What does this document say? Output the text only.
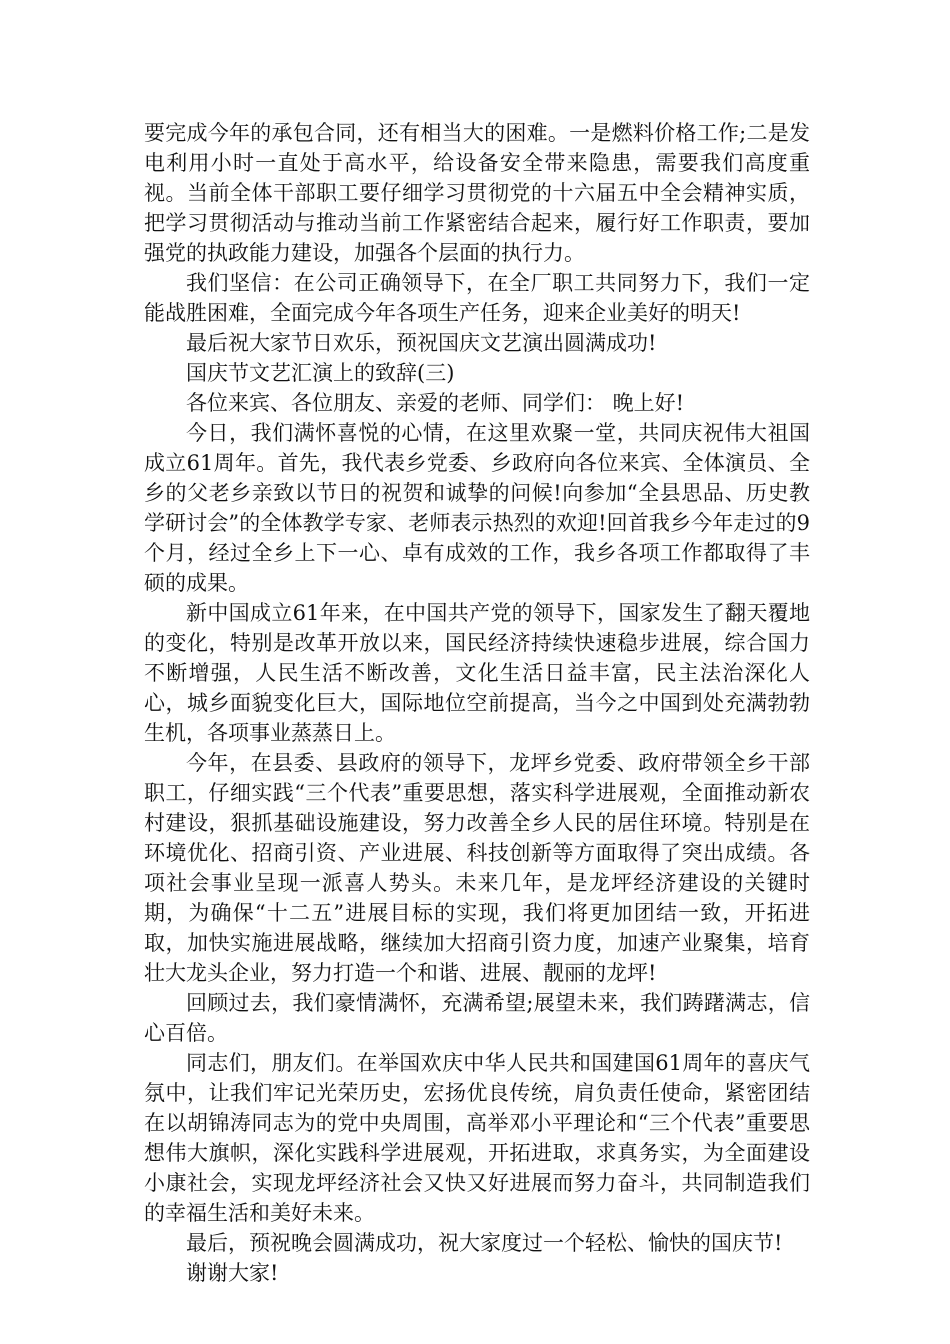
要完成今年的承包合同，还有相当大的困难。一是燃料价格工作;二是发电利用小时一直处于高水平，给设备安全带来隐患，需要我们高度重视。当前全体干部职工要仔细学习贯彻党的十六届五中全会精神实质，把学习贯彻活动与推动当前工作紧密结合起来，履行好工作职责，要加强党的执政能力建设，加强各个层面的执行力。

我们坚信：在公司正确领导下，在全厂职工共同努力下，我们一定能战胜困难，全面完成今年各项生产任务，迎来企业美好的明天!

最后祝大家节日欢乐，预祝国庆文艺演出圆满成功!

国庆节文艺汇演上的致辞(三)

各位来宾、各位朋友、亲爱的老师、同学们： 晚上好!

今日，我们满怀喜悦的心情，在这里欢聚一堂，共同庆祝伟大祖国成立61周年。首先，我代表乡党委、乡政府向各位来宾、全体演员、全乡的父老乡亲致以节日的祝贺和诚挚的问候!向参加“全县思品、历史教学研讨会”的全体教学专家、老师表示热烈的欢迎!回首我乡今年走过的9个月，经过全乡上下一心、卓有成效的工作，我乡各项工作都取得了丰硕的成果。

新中国成立61年来，在中国共产党的领导下，国家发生了翻天覆地的变化，特别是改革开放以来，国民经济持续快速稳步进展，综合国力不断增强，人民生活不断改善，文化生活日益丰富，民主法治深化人心，城乡面貌变化巨大，国际地位空前提高，当今之中国到处充满勃勃生机，各项事业蒸蒸日上。

今年，在县委、县政府的领导下，龙坪乡党委、政府带领全乡干部职工，仔细实践“三个代表”重要思想，落实科学进展观，全面推动新农村建设，狠抓基础设施建设，努力改善全乡人民的居住环境。特别是在环境优化、招商引资、产业进展、科技创新等方面取得了突出成绩。各项社会事业呈现一派喜人势头。未来几年，是龙坪经济建设的关键时期，为确保“十二五”进展目标的实现，我们将更加团结一致，开拓进取，加快实施进展战略，继续加大招商引资力度，加速产业聚集，培育壮大龙头企业，努力打造一个和谐、进展、靓丽的龙坪!

回顾过去，我们豪情满怀，充满希望;展望未来，我们踌躇满志，信心百倍。

同志们，朋友们。在举国欢庆中华人民共和国建国61周年的喜庆气氛中，让我们牢记光荣历史，宏扬优良传统，肩负责任使命，紧密团结在以胡锦涛同志为的党中央周围，高举邓小平理论和“三个代表”重要思想伟大旗帜，深化实践科学进展观，开拓进取，求真务实，为全面建设小康社会，实现龙坪经济社会又快又好进展而努力奋斗，共同制造我们的幸福生活和美好未来。

最后，预祝晚会圆满成功，祝大家度过一个轻松、愉快的国庆节!

谢谢大家!
